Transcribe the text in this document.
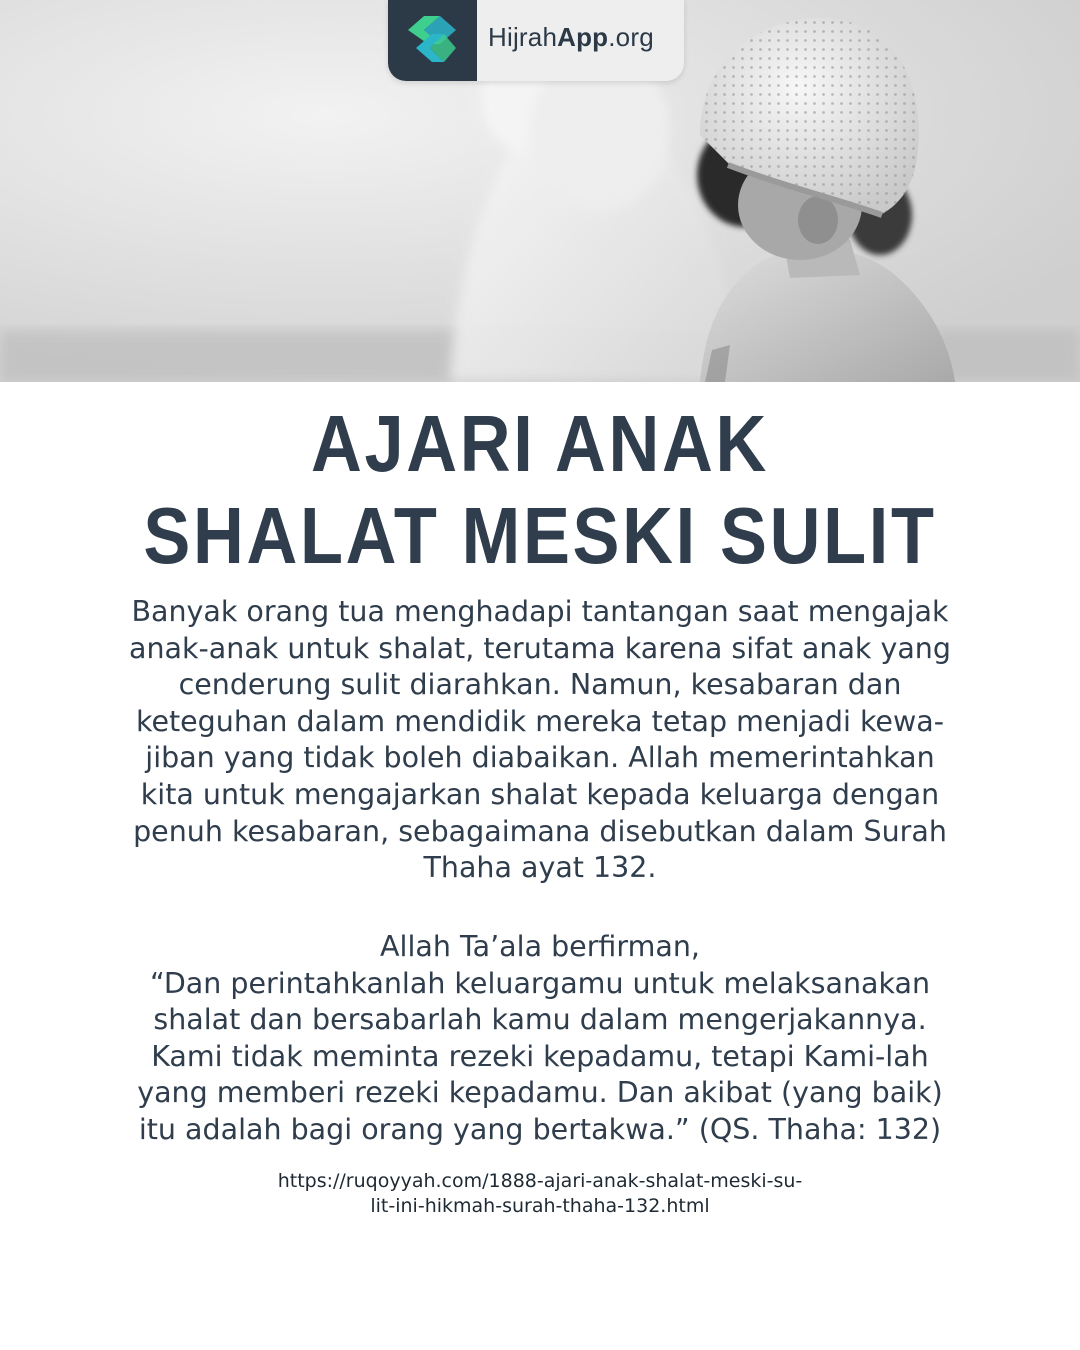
HijrahApp.org
AJARI ANAK
SHALAT MESKI SULIT
Banyak orang tua menghadapi tantangan saat mengajak
anak-anak untuk shalat, terutama karena sifat anak yang
cenderung sulit diarahkan. Namun, kesabaran dan
keteguhan dalam mendidik mereka tetap menjadi kewa-
jiban yang tidak boleh diabaikan. Allah memerintahkan
kita untuk mengajarkan shalat kepada keluarga dengan
penuh kesabaran, sebagaimana disebutkan dalam Surah
Thaha ayat 132.
Allah Ta’ala berfirman,
“Dan perintahkanlah keluargamu untuk melaksanakan
shalat dan bersabarlah kamu dalam mengerjakannya.
Kami tidak meminta rezeki kepadamu, tetapi Kami-lah
yang memberi rezeki kepadamu. Dan akibat (yang baik)
itu adalah bagi orang yang bertakwa.” (QS. Thaha: 132)
https://ruqoyyah.com/1888-ajari-anak-shalat-meski-su-
lit-ini-hikmah-surah-thaha-132.html
